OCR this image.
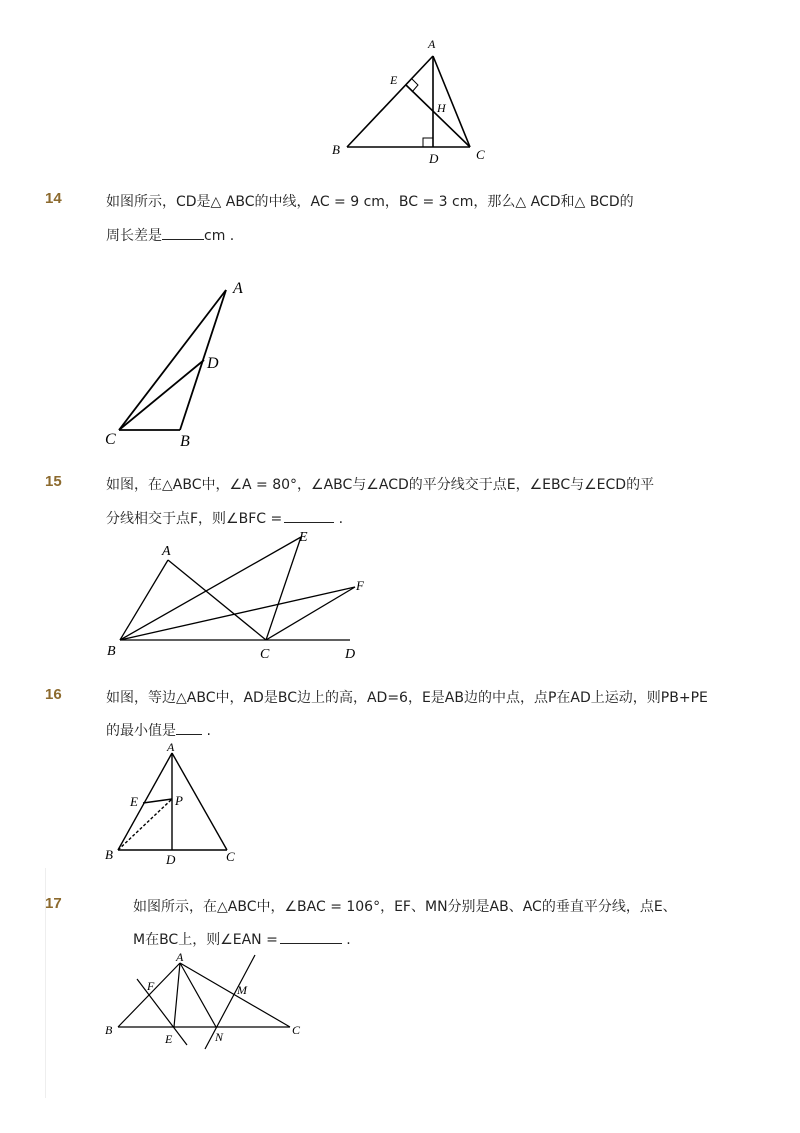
A
E
H
B
D	C
14	如图所示，CD是△ ABC的中线，AC = 9 cm，BC = 3 cm，那么△ ACD和△ BCD的
周长差是	cm .
A
D
C	B
15	如图，在△ABC中，∠A = 80°，∠ABC与∠ACD的平分线交于点E，∠EBC与∠ECD的平
分线相交于点F，则∠BFC =	.
A
E
F
B	C	D
16	如图，等边△ABC中，AD是BC边上的高，AD=6，E是AB边的中点，点P在AD上运动，则PB+PE
的最小值是 .
A
E	P
B	D	C
17	如图所示，在△ABC中，∠BAC = 106°，EF、MN分别是AB、AC的垂直平分线，点E、
M在BC上，则∠EAN =	.
A
F	M
B
E	N	C
